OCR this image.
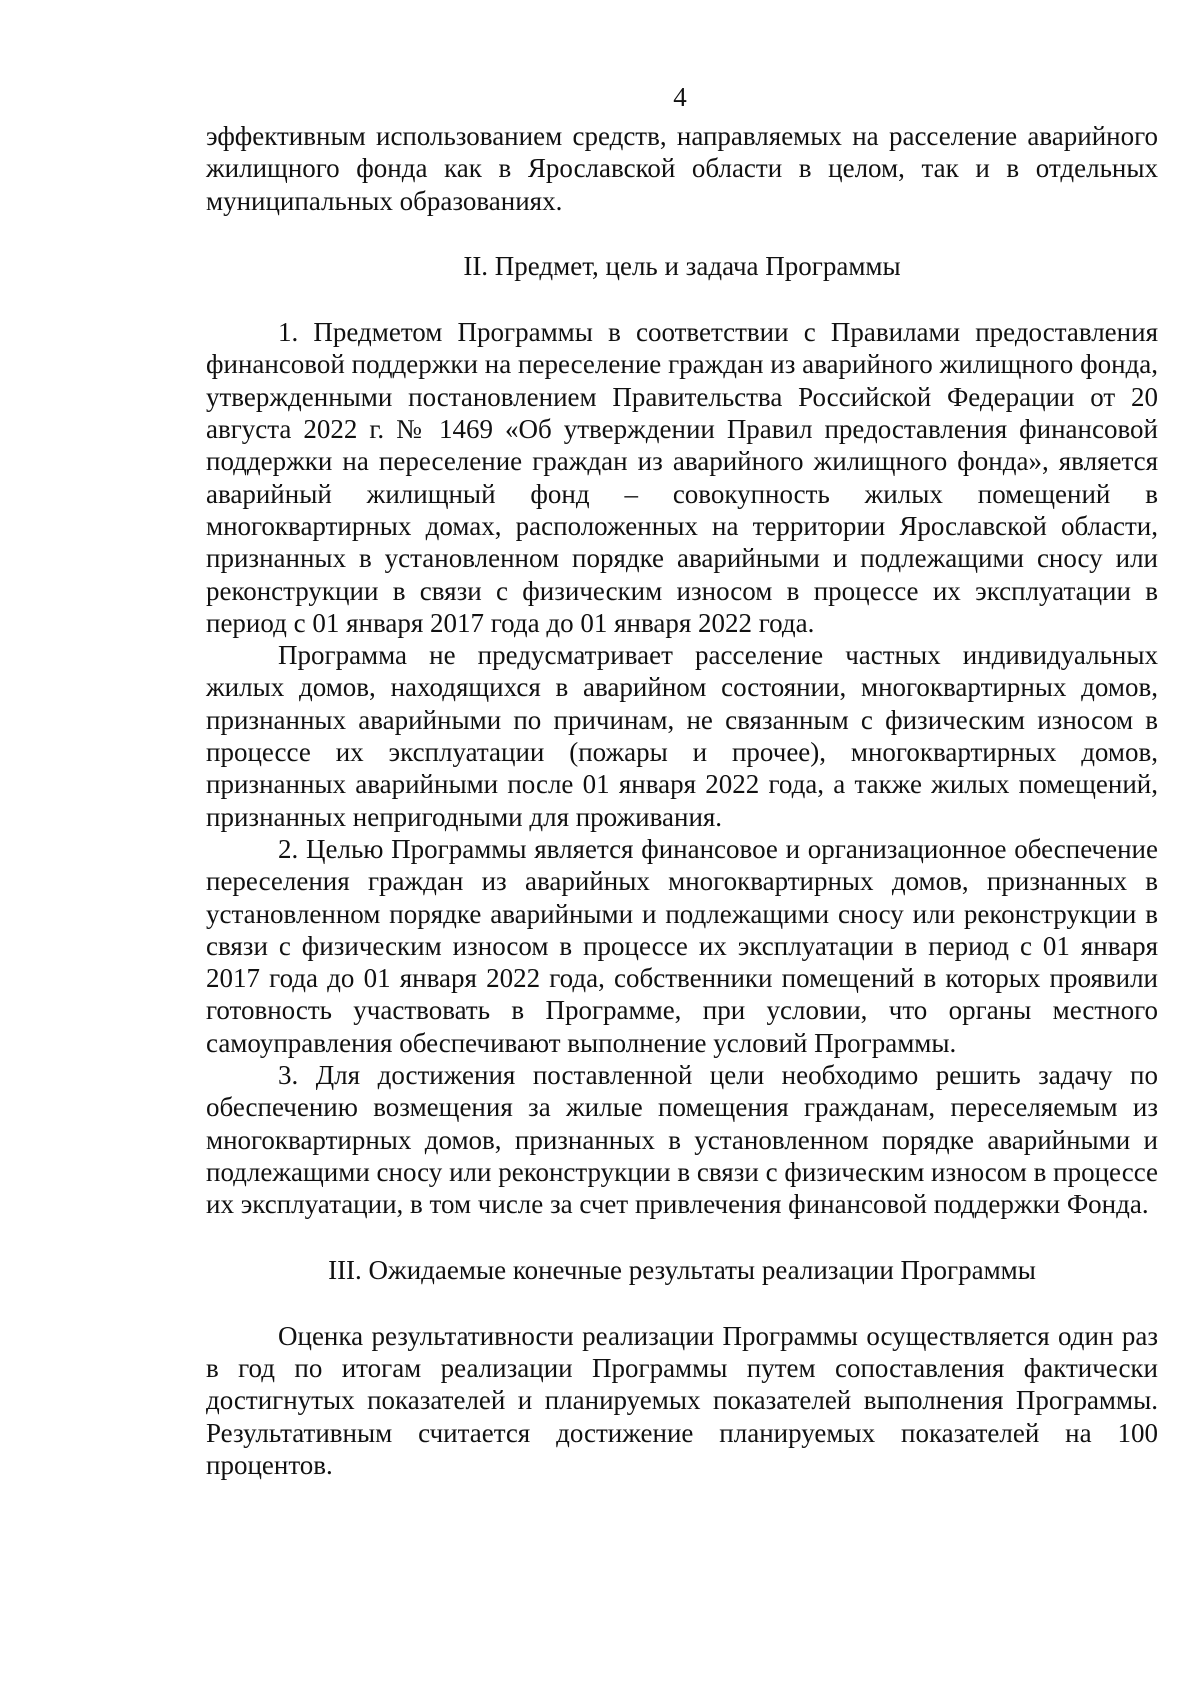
4

эффективным использованием средств, направляемых на расселение аварийного жилищного фонда как в Ярославской области в целом, так и в отдельных муниципальных образованиях.

II. Предмет, цель и задача Программы

1. Предметом Программы в соответствии с Правилами предоставления финансовой поддержки на переселение граждан из аварийного жилищного фонда, утвержденными постановлением Правительства Российской Федерации от 20 августа 2022 г. № 1469 «Об утверждении Правил предоставления финансовой поддержки на переселение граждан из аварийного жилищного фонда», является аварийный жилищный фонд – совокупность жилых помещений в многоквартирных домах, расположенных на территории Ярославской области, признанных в установленном порядке аварийными и подлежащими сносу или реконструкции в связи с физическим износом в процессе их эксплуатации в период с 01 января 2017 года до 01 января 2022 года.

Программа не предусматривает расселение частных индивидуальных жилых домов, находящихся в аварийном состоянии, многоквартирных домов, признанных аварийными по причинам, не связанным с физическим износом в процессе их эксплуатации (пожары и прочее), многоквартирных домов, признанных аварийными после 01 января 2022 года, а также жилых помещений, признанных непригодными для проживания.

2. Целью Программы является финансовое и организационное обеспечение переселения граждан из аварийных многоквартирных домов, признанных в установленном порядке аварийными и подлежащими сносу или реконструкции в связи с физическим износом в процессе их эксплуатации в период с 01 января 2017 года до 01 января 2022 года, собственники помещений в которых проявили готовность участвовать в Программе, при условии, что органы местного самоуправления обеспечивают выполнение условий Программы.

3. Для достижения поставленной цели необходимо решить задачу по обеспечению возмещения за жилые помещения гражданам, переселяемым из многоквартирных домов, признанных в установленном порядке аварийными и подлежащими сносу или реконструкции в связи с физическим износом в процессе их эксплуатации, в том числе за счет привлечения финансовой поддержки Фонда.

III. Ожидаемые конечные результаты реализации Программы

Оценка результативности реализации Программы осуществляется один раз в год по итогам реализации Программы путем сопоставления фактически достигнутых показателей и планируемых показателей выполнения Программы. Результативным считается достижение планируемых показателей на 100 процентов.
